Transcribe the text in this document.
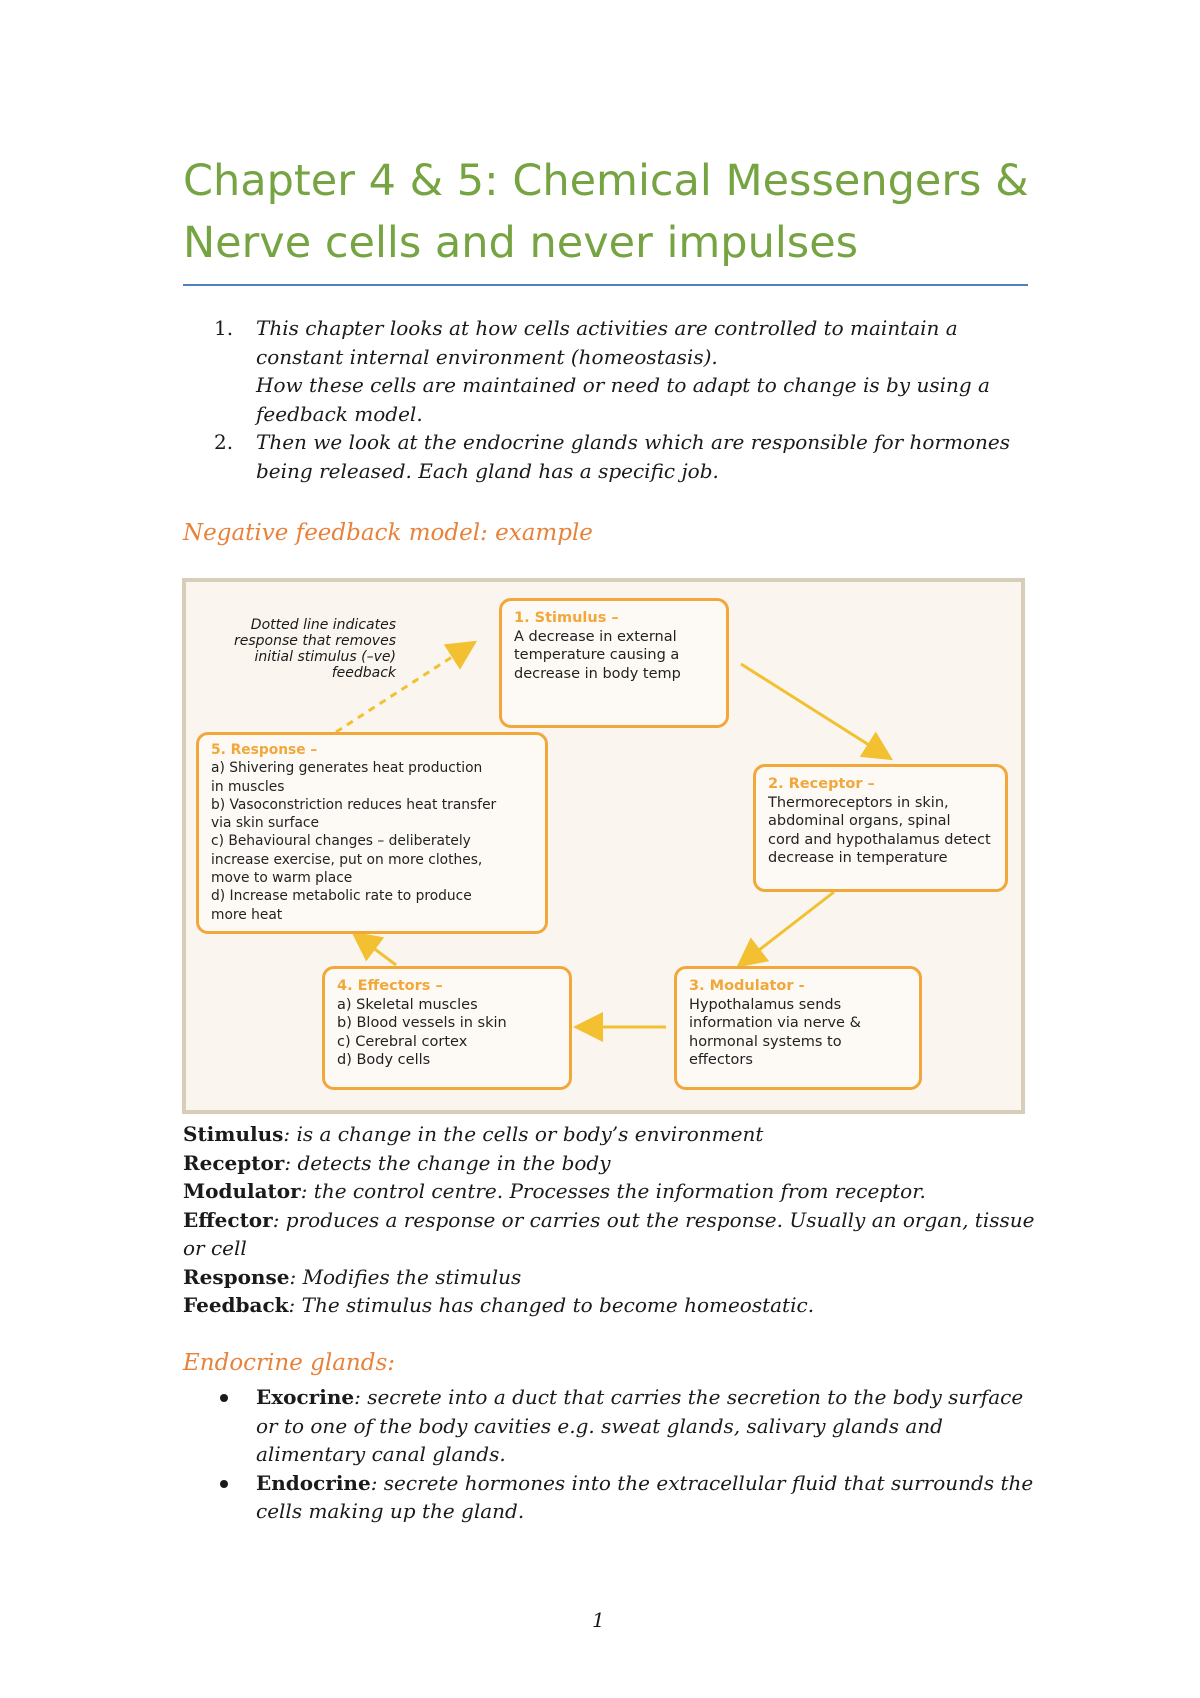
Chapter 4 & 5: Chemical Messengers & Nerve cells and never impulses
1 .	This chapter looks at how cells activities are controlled to maintain a constant internal environment (homeostasis).
How these cells are maintained or need to adapt to change is by using a feedback model.
2 .	Then we look at the endocrine glands which are responsible for hormones being released. Each gland has a specific job.
Negative feedback model: example
Dotted line indicates response that removes initial stimulus (–ve) feedback
1. Stimulus –
A decrease in external
temperature causing a
decrease in body temp
2. Receptor –
Thermoreceptors in skin,
abdominal organs, spinal
cord and hypothalamus detect
decrease in temperature
3. Modulator -
Hypothalamus sends
information via nerve &
hormonal systems to
effectors
4. Effectors –
a) Skeletal muscles
b) Blood vessels in skin
c) Cerebral cortex
d) Body cells
5. Response –
a) Shivering generates heat production
in muscles
b) Vasoconstriction reduces heat transfer
via skin surface
c) Behavioural changes – deliberately
increase exercise, put on more clothes,
move to warm place
d) Increase metabolic rate to produce
more heat

Stimulus: is a change in the cells or body’s environment

Receptor: detects the change in the body

Modulator: the control centre. Processes the information from receptor.

Effector: produces a response or carries out the response. Usually an organ, tissue or cell

Response: Modifies the stimulus

Feedback: The stimulus has changed to become homeostatic.

Endocrine glands:
Exocrine: secrete into a duct that carries the secretion to the body surface or to one of the body cavities e.g. sweat glands, salivary glands and alimentary canal glands.
Endocrine: secrete hormones into the extracellular fluid that surrounds the cells making up the gland.
1
